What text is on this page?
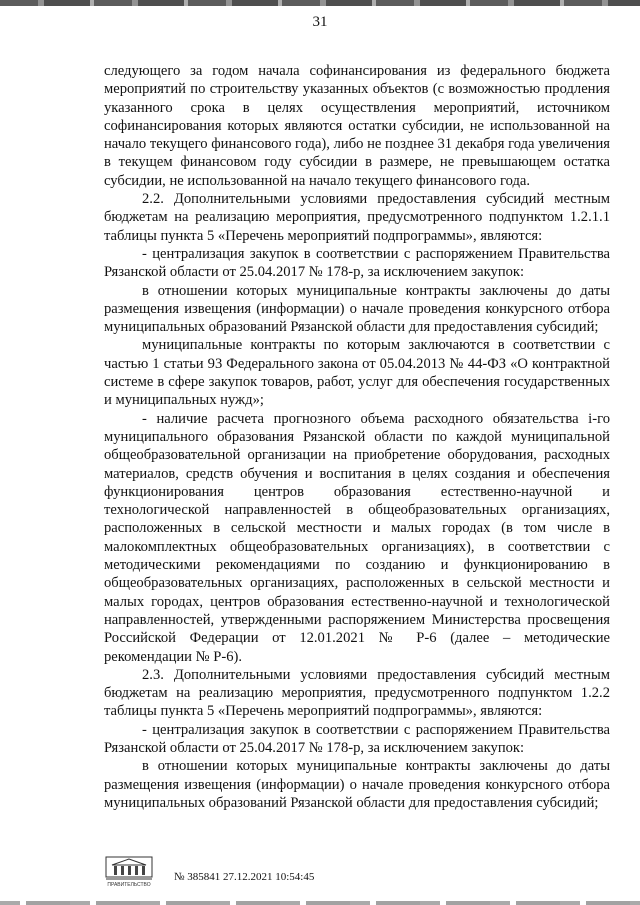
31

следующего за годом начала софинансирования из федерального бюджета мероприятий по строительству указанных объектов (с возможностью продления указанного срока в целях осуществления мероприятий, источником софинансирования которых являются остатки субсидии, не использованной на начало текущего финансового года), либо не позднее 31 декабря года увеличения в текущем финансовом году субсидии в размере, не превышающем остатка субсидии, не использованной на начало текущего финансового года.

2.2. Дополнительными условиями предоставления субсидий местным бюджетам на реализацию мероприятия, предусмотренного подпунктом 1.2.1.1 таблицы пункта 5 «Перечень мероприятий подпрограммы», являются:

- централизация закупок в соответствии с распоряжением Правительства Рязанской области от 25.04.2017 № 178-р, за исключением закупок:

в отношении которых муниципальные контракты заключены до даты размещения извещения (информации) о начале проведения конкурсного отбора муниципальных образований Рязанской области для предоставления субсидий;

муниципальные контракты по которым заключаются в соответствии с частью 1 статьи 93 Федерального закона от 05.04.2013 № 44-ФЗ «О контрактной системе в сфере закупок товаров, работ, услуг для обеспечения государственных и муниципальных нужд»;

- наличие расчета прогнозного объема расходного обязательства i-го муниципального образования Рязанской области по каждой муниципальной общеобразовательной организации на приобретение оборудования, расходных материалов, средств обучения и воспитания в целях создания и обеспечения функционирования центров образования естественно-научной и технологической направленностей в общеобразовательных организациях, расположенных в сельской местности и малых городах (в том числе в малокомплектных общеобразовательных организациях), в соответствии с методическими рекомендациями по созданию и функционированию в общеобразовательных организациях, расположенных в сельской местности и малых городах, центров образования естественно-научной и технологической направленностей, утвержденными распоряжением Министерства просвещения Российской Федерации от 12.01.2021 № Р-6 (далее – методические рекомендации № Р-6).

2.3. Дополнительными условиями предоставления субсидий местным бюджетам на реализацию мероприятия, предусмотренного подпунктом 1.2.2 таблицы пункта 5 «Перечень мероприятий подпрограммы», являются:

- централизация закупок в соответствии с распоряжением Правительства Рязанской области от 25.04.2017 № 178-р, за исключением закупок:

в отношении которых муниципальные контракты заключены до даты размещения извещения (информации) о начале проведения конкурсного отбора муниципальных образований Рязанской области для предоставления субсидий;

ПРАВИТЕЛЬСТВО
№ 385841 27.12.2021 10:54:45
